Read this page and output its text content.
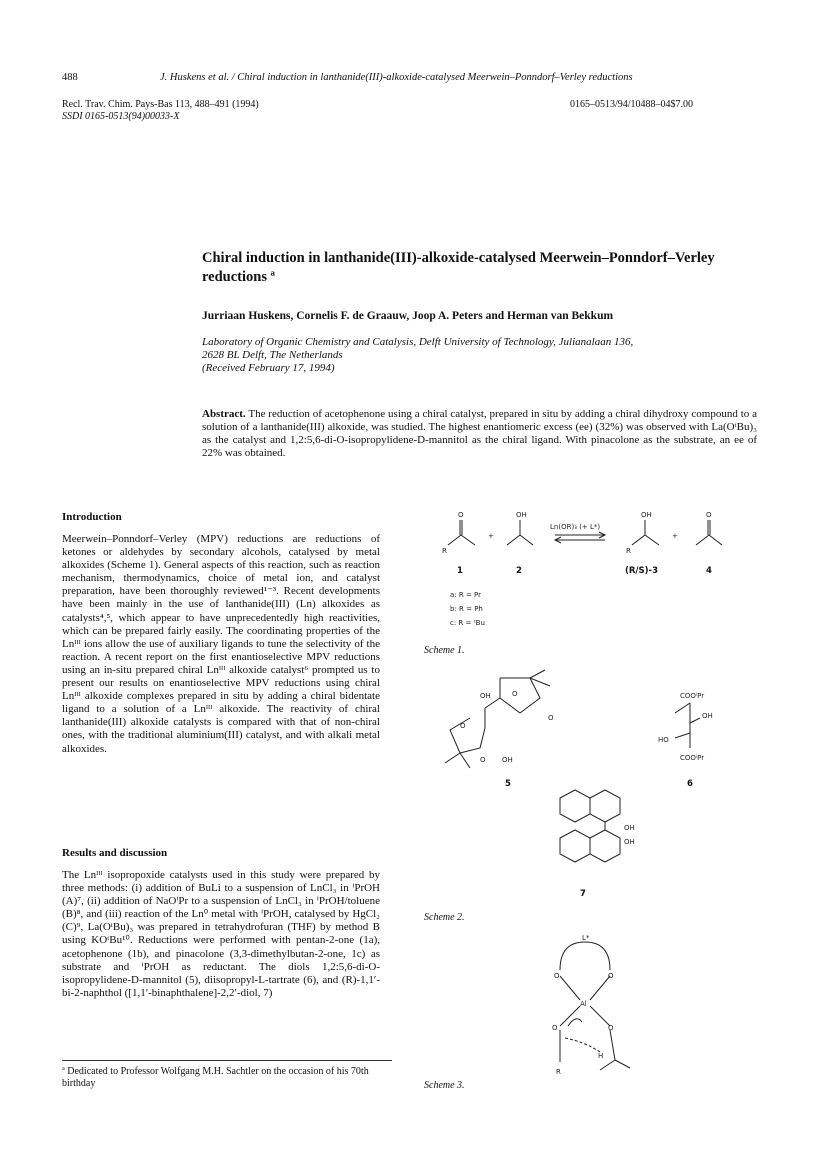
488	J. Huskens et al. / Chiral induction in lanthanide(III)-alkoxide-catalysed Meerwein–Ponndorf–Verley reductions
Recl. Trav. Chim. Pays-Bas 113, 488–491 (1994)
SSDI 0165-0513(94)00033-X
0165–0513/94/10488–04$7.00
Chiral induction in lanthanide(III)-alkoxide-catalysed Meerwein–Ponndorf–Verley reductions ª
Jurriaan Huskens, Cornelis F. de Graauw, Joop A. Peters and Herman van Bekkum
Laboratory of Organic Chemistry and Catalysis, Delft University of Technology, Julianalaan 136,
2628 BL Delft, The Netherlands
(Received February 17, 1994)
Abstract. The reduction of acetophenone using a chiral catalyst, prepared in situ by adding a chiral dihydroxy compound to a solution of a lanthanide(III) alkoxide, was studied. The highest enantiomeric excess (ee) (32%) was observed with La(OᵗBu)₃ as the catalyst and 1,2:5,6-di-O-isopropylidene-D-mannitol as the chiral ligand. With pinacolone as the substrate, an ee of 22% was obtained.
Introduction

Meerwein–Ponndorf–Verley (MPV) reductions are reductions of ketones or aldehydes by secondary alcohols, catalysed by metal alkoxides (Scheme 1). General aspects of this reaction, such as reaction mechanism, thermodynamics, choice of metal ion, and catalyst preparation, have been thoroughly reviewed¹⁻³. Recent developments have been mainly in the use of lanthanide(III) (Ln) alkoxides as catalysts⁴,⁵, which appear to have unprecedentedly high reactivities, which can be prepared fairly easily. The coordinating properties of the Lnᴵᴵᴵ ions allow the use of auxiliary ligands to tune the selectivity of the reaction. A recent report on the first enantioselective MPV reductions using an in-situ prepared chiral Lnᴵᴵᴵ alkoxide catalyst⁶ prompted us to present our results on enantioselective MPV reductions using chiral Lnᴵᴵᴵ alkoxide complexes prepared in situ by adding a chiral bidentate ligand to a solution of a Lnᴵᴵᴵ alkoxide. The reactivity of chiral lanthanide(III) alkoxide catalysts is compared with that of non-chiral ones, with the traditional aluminium(III) catalyst, and with alkali metal alkoxides.

Results and discussion

The Lnᴵᴵᴵ isopropoxide catalysts used in this study were prepared by three methods: (i) addition of BuLi to a suspension of LnCl₃ in ⁱPrOH (A)⁷, (ii) addition of NaOⁱPr to a suspension of LnCl₃ in ⁱPrOH/toluene (B)⁸, and (iii) reaction of the Ln⁰ metal with ⁱPrOH, catalysed by HgCl₂ (C)⁹, La(OᵗBu)₃ was prepared in tetrahydrofuran (THF) by method B using KOᵗBu¹⁰. Reductions were performed with pentan-2-one (1a), acetophenone (1b), and pinacolone (3,3-dimethylbutan-2-one, 1c) as substrate and ⁱPrOH as reductant. The diols 1,2:5,6-di-O-isopropylidene-D-mannitol (5), diisopropyl-L-tartrate (6), and (R)-1,1′-bi-2-naphthol ([1,1′-binaphthalene]-2,2′-diol, 7)

ª Dedicated to Professor Wolfgang M.H. Sachtler on the occasion of his 70th birthday
O	OH	OH	O
R	R
+	+
Ln(OR)₃ (+ L*)
1	2	(R/S)-3	4
a: R = Pr
b: R = Ph
c: R = ᵗBu
Scheme 1.
OH	O
O
O
O OH
COOⁱPr
OH
HO
COOⁱPr
OH
OH
5	6
7
Scheme 2.
L*
O	O
Al
O	O
H
R
Scheme 3.
